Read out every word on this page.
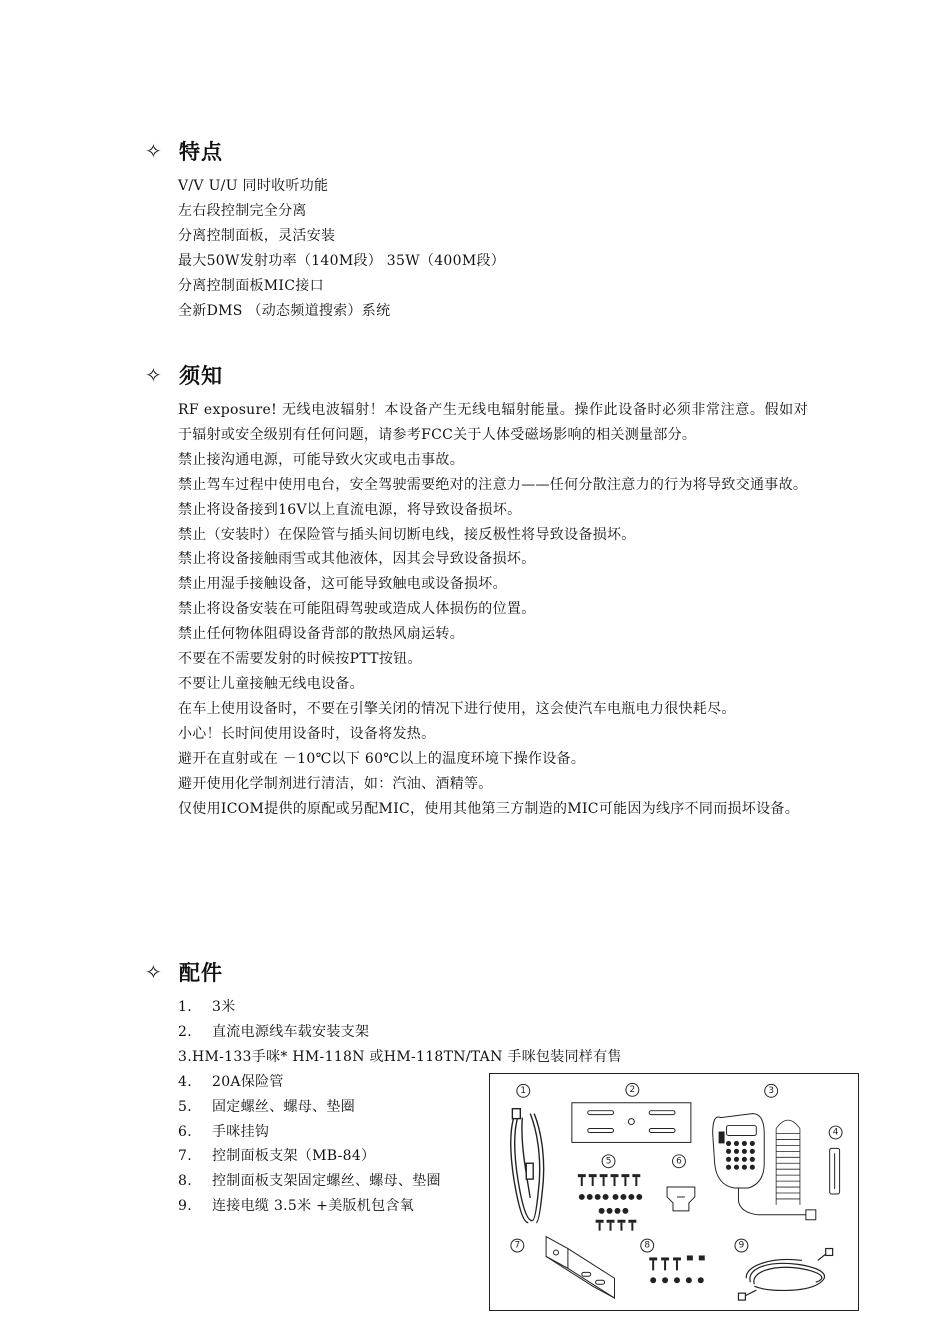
✧ 特点
V/V U/U 同时收听功能
左右段控制完全分离
分离控制面板，灵活安装
最大50W发射功率（140M段） 35W（400M段）
分离控制面板MIC接口
全新DMS （动态频道搜索）系统
✧ 须知

RF exposure! 无线电波辐射！本设备产生无线电辐射能量。操作此设备时必须非常注意。假如对于辐射或安全级别有任何问题，请参考FCC关于人体受磁场影响的相关测量部分。

禁止接沟通电源，可能导致火灾或电击事故。

禁止驾车过程中使用电台，安全驾驶需要绝对的注意力——任何分散注意力的行为将导致交通事故。

禁止将设备接到16V以上直流电源，将导致设备损坏。

禁止（安装时）在保险管与插头间切断电线，接反极性将导致设备损坏。

禁止将设备接触雨雪或其他液体，因其会导致设备损坏。

禁止用湿手接触设备，这可能导致触电或设备损坏。

禁止将设备安装在可能阻碍驾驶或造成人体损伤的位置。

禁止任何物体阻碍设备背部的散热风扇运转。

不要在不需要发射的时候按PTT按钮。

不要让儿童接触无线电设备。

在车上使用设备时，不要在引擎关闭的情况下进行使用，这会使汽车电瓶电力很快耗尽。

小心！长时间使用设备时，设备将发热。

避开在直射或在 －10℃以下 60℃以上的温度环境下操作设备。

避开使用化学制剂进行清洁，如：汽油、酒精等。

仅使用ICOM提供的原配或另配MIC，使用其他第三方制造的MIC可能因为线序不同而损坏设备。

✧ 配件
1.	3米
2.	直流电源线车载安装支架
3. HM-133手咪* HM-118N 或HM-118TN/TAN 手咪包装同样有售
4.	20A保险管
5.	固定螺丝、螺母、垫圈
6.	手咪挂钩
7.	控制面板支架（MB-84）
8.	控制面板支架固定螺丝、螺母、垫圈
9.	连接电缆 3.5米 +美版机包含氧
1	2	3
4
5	6
7	8	9
